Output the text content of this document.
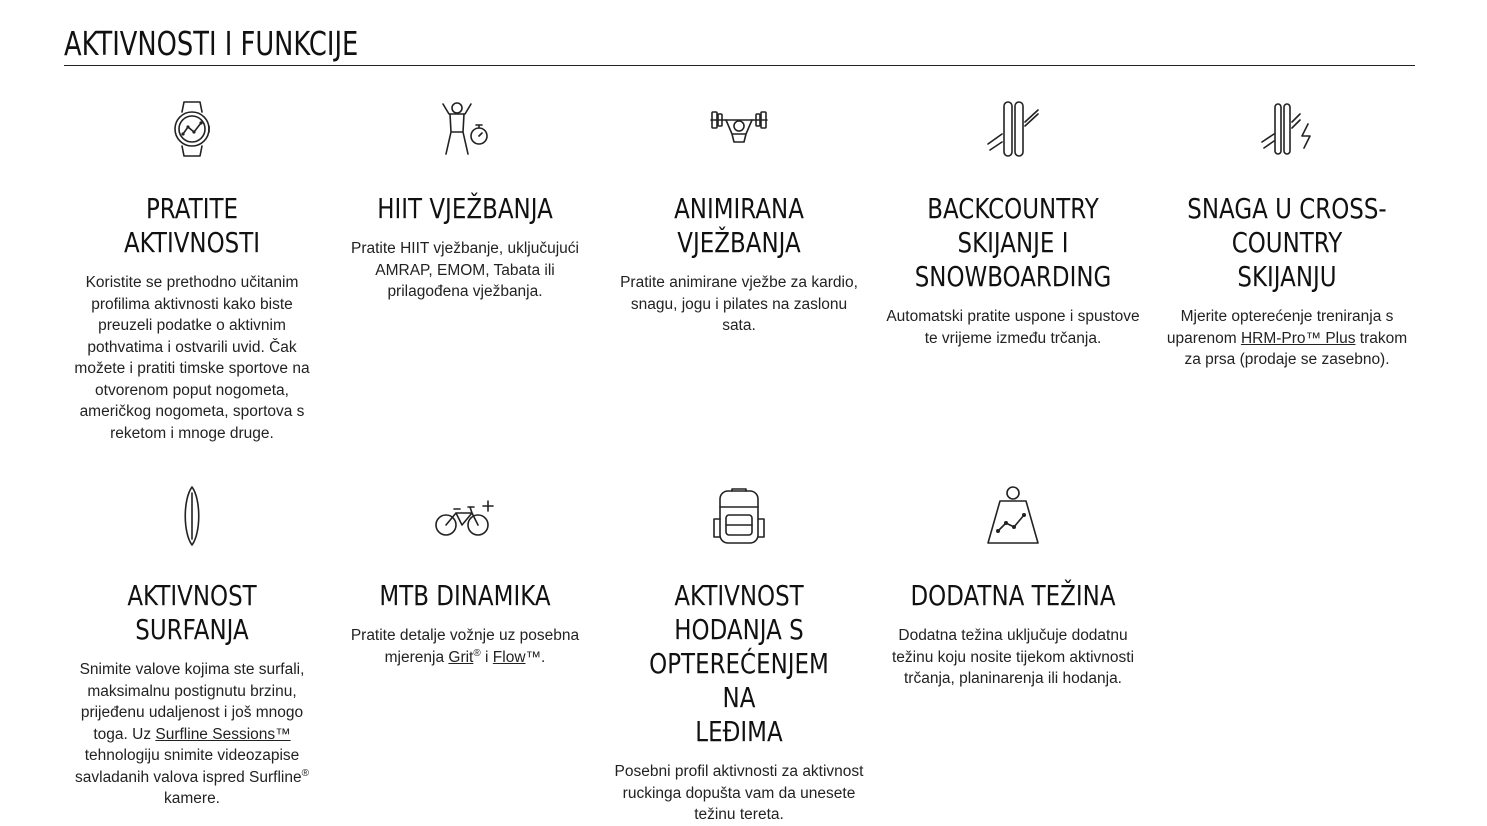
AKTIVNOSTI I FUNKCIJE
PRATITE AKTIVNOSTI

Koristite se prethodno učitanim profilima aktivnosti kako biste preuzeli podatke o aktivnim pothvatima i ostvarili uvid. Čak možete i pratiti timske sportove na otvorenom poput nogometa, američkog nogometa, sportova s reketom i mnoge druge.

HIIT VJEŽBANJA

Pratite HIIT vježbanje, uključujući AMRAP, EMOM, Tabata ili prilagođena vježbanja.

ANIMIRANA VJEŽBANJA

Pratite animirane vježbe za kardio, snagu, jogu i pilates na zaslonu sata.

BACKCOUNTRY
SKIJANJE I
SNOWBOARDING

Automatski pratite uspone i spustove te vrijeme između trčanja.

SNAGA U CROSS-
COUNTRY SKIJANJU

Mjerite opterećenje treniranja s uparenom HRM-Pro™ Plus trakom za prsa (prodaje se zasebno).

AKTIVNOST SURFANJA

Snimite valove kojima ste surfali, maksimalnu postignutu brzinu, prijeđenu udaljenost i još mnogo toga. Uz Surfline Sessions™ tehnologiju snimite videozapise savladanih valova ispred Surfline® kamere.

MTB DINAMIKA

Pratite detalje vožnje uz posebna mjerenja Grit® i Flow™.

AKTIVNOST HODANJA S
OPTEREĆENJEM NA
LEĐIMA

Posebni profil aktivnosti za aktivnost ruckinga dopušta vam da unesete težinu tereta.

DODATNA TEŽINA

Dodatna težina uključuje dodatnu težinu koju nosite tijekom aktivnosti trčanja, planinarenja ili hodanja.
